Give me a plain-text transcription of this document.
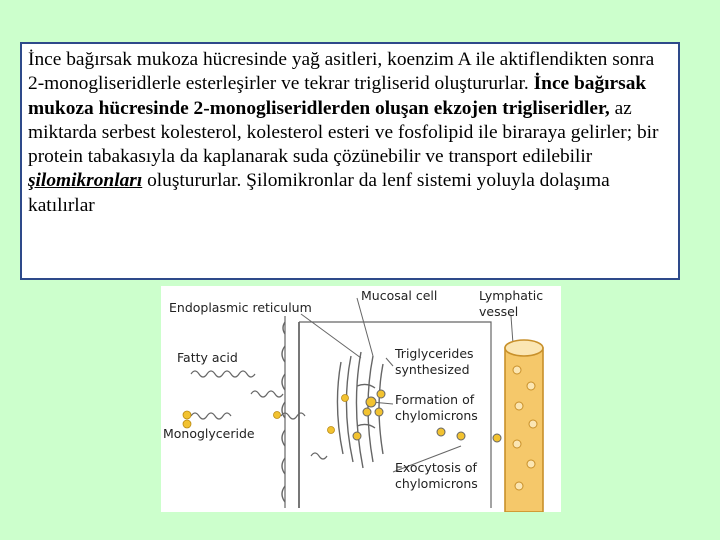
İnce bağırsak mukoza hücresinde yağ asitleri, koenzim A ile aktiflendikten sonra 2-monogliseridlerle esterleşirler ve tekrar trigliserid oluştururlar. İnce bağırsak mukoza hücresinde 2-monogliseridlerden oluşan ekzojen trigliseridler, az miktarda serbest kolesterol, kolesterol esteri ve fosfolipid ile biraraya gelirler; bir protein tabakasıyla da kaplanarak suda çözünebilir ve transport edilebilir şilomikronları oluştururlar. Şilomikronlar da lenf sistemi yoluyla dolaşıma katılırlar
Endoplasmic reticulum
Mucosal cell	Lymphatic
vessel
Fatty acid
Monoglyceride
Triglycerides
synthesized
Formation of
chylomicrons
Exocytosis of
chylomicrons
